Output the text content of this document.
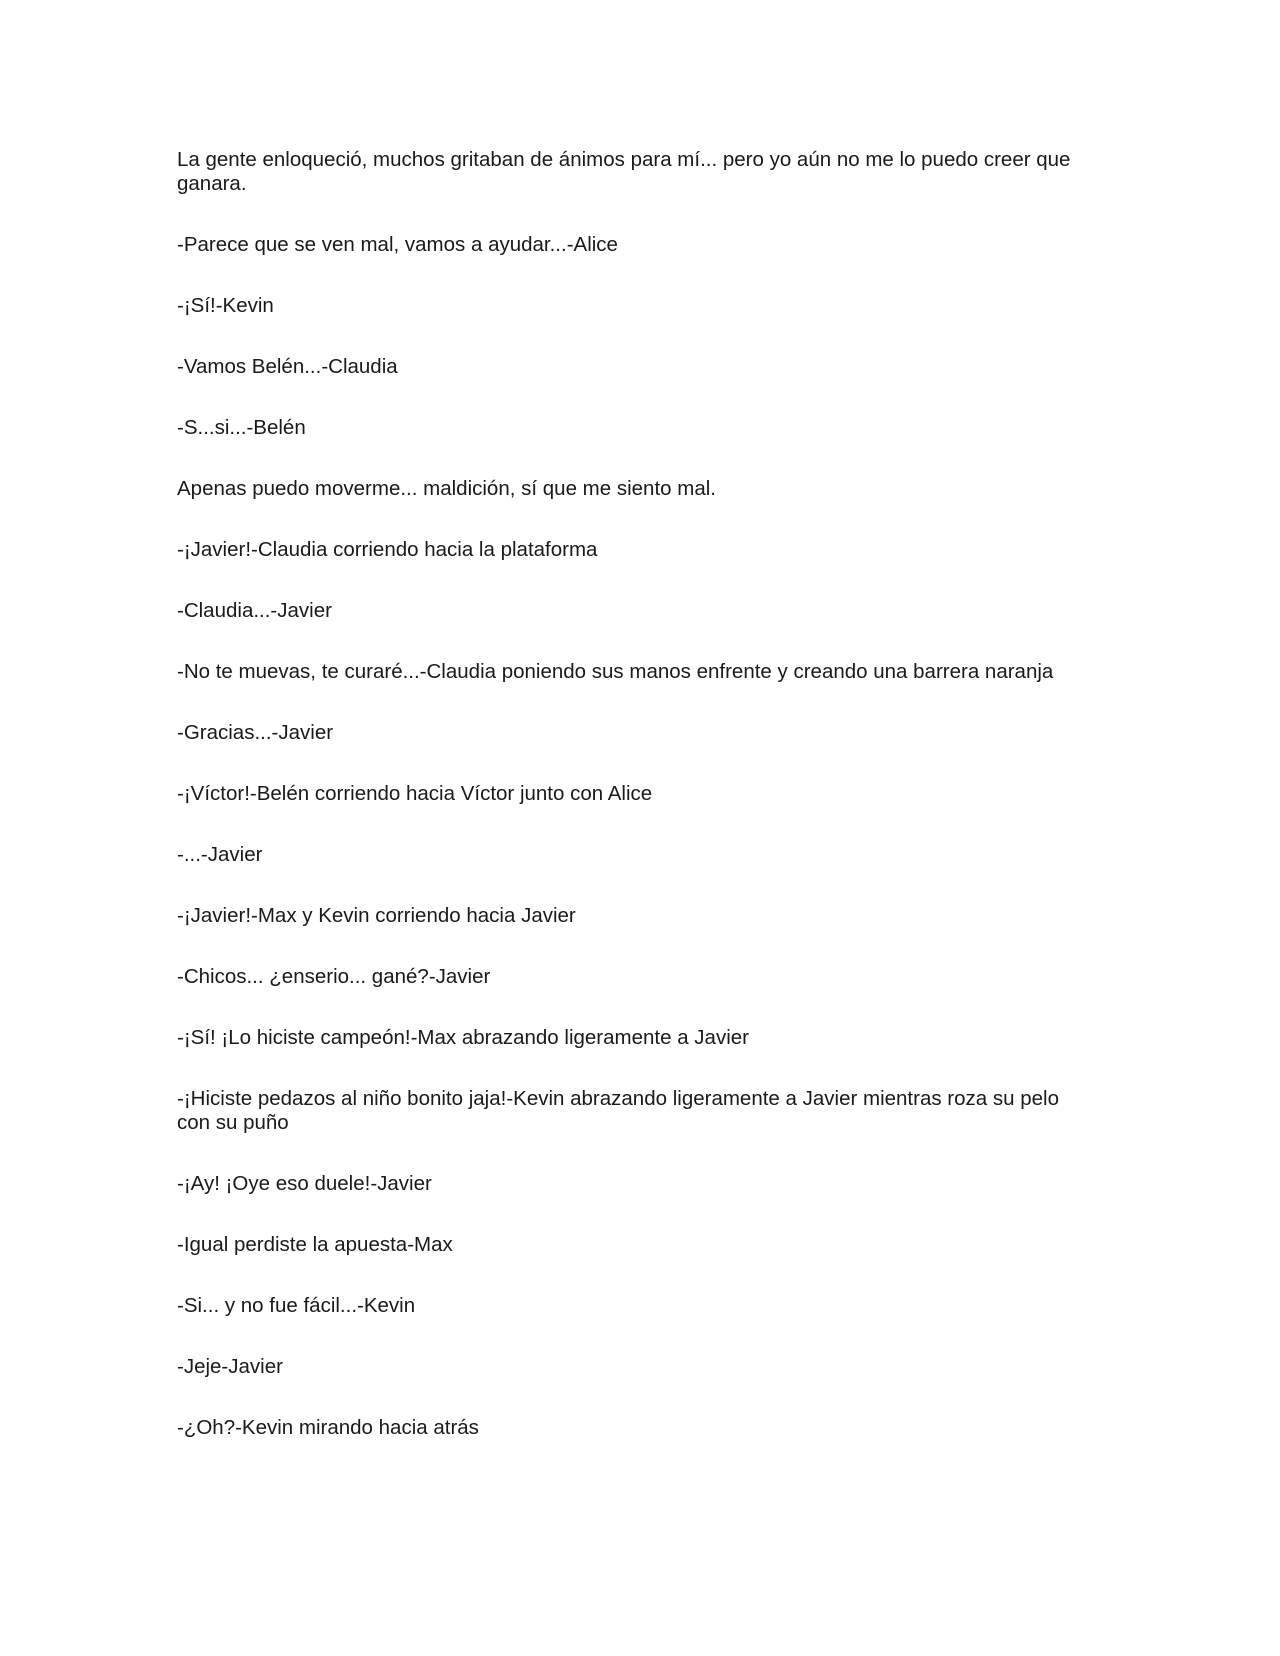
La gente enloqueció, muchos gritaban de ánimos para mí... pero yo aún no me lo puedo creer que ganara.

-Parece que se ven mal, vamos a ayudar...-Alice

-¡Sí!-Kevin

-Vamos Belén...-Claudia

-S...si...-Belén

Apenas puedo moverme... maldición, sí que me siento mal.

-¡Javier!-Claudia corriendo hacia la plataforma

-Claudia...-Javier

-No te muevas, te curaré...-Claudia poniendo sus manos enfrente y creando una barrera naranja

-Gracias...-Javier

-¡Víctor!-Belén corriendo hacia Víctor junto con Alice

-...-Javier

-¡Javier!-Max y Kevin corriendo hacia Javier

-Chicos... ¿enserio... gané?-Javier

-¡Sí! ¡Lo hiciste campeón!-Max abrazando ligeramente a Javier

-¡Hiciste pedazos al niño bonito jaja!-Kevin abrazando ligeramente a Javier mientras roza su pelo con su puño

-¡Ay! ¡Oye eso duele!-Javier

-Igual perdiste la apuesta-Max

-Si... y no fue fácil...-Kevin

-Jeje-Javier

-¿Oh?-Kevin mirando hacia atrás
